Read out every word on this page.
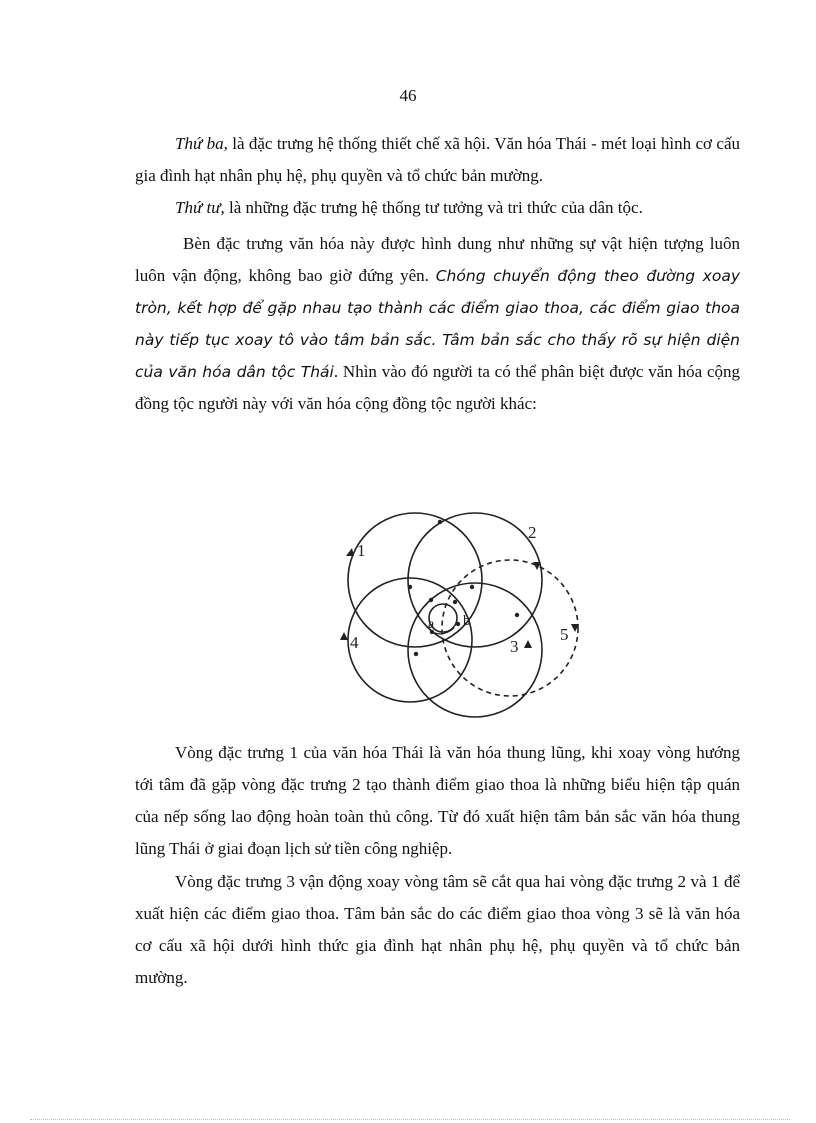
46

Thứ ba, là đặc trưng hệ thống thiết chế xã hội. Văn hóa Thái - mét loại hình cơ cấu gia đình hạt nhân phụ hệ, phụ quyền và tổ chức bản mường.

Thứ tư, là những đặc trưng hệ thống tư tưởng và tri thức của dân tộc.

Bèn đặc trưng văn hóa này được hình dung như những sự vật hiện tượng luôn luôn vận động, không bao giờ đứng yên. Chóng chuyển động theo đường xoay tròn, kết hợp để gặp nhau tạo thành các điểm giao thoa, các điểm giao thoa này tiếp tục xoay tô vào tâm bản sắc. Tâm bản sắc cho thấy rõ sự hiện diện của văn hóa dân tộc Thái. Nhìn vào đó người ta có thể phân biệt được văn hóa cộng đồng tộc người này với văn hóa cộng đồng tộc người khác:

1
2
3
4	5
a b

Vòng đặc trưng 1 của văn hóa Thái là văn hóa thung lũng, khi xoay vòng hướng tới tâm đã gặp vòng đặc trưng 2 tạo thành điểm giao thoa là những biểu hiện tập quán của nếp sống lao động hoàn toàn thủ công. Từ đó xuất hiện tâm bản sắc văn hóa thung lũng Thái ở giai đoạn lịch sử tiền công nghiệp.

Vòng đặc trưng 3 vận động xoay vòng tâm sẽ cắt qua hai vòng đặc trưng 2 và 1 để xuất hiện các điểm giao thoa. Tâm bản sắc do các điểm giao thoa vòng 3 sẽ là văn hóa cơ cấu xã hội dưới hình thức gia đình hạt nhân phụ hệ, phụ quyền và tổ chức bản mường.
